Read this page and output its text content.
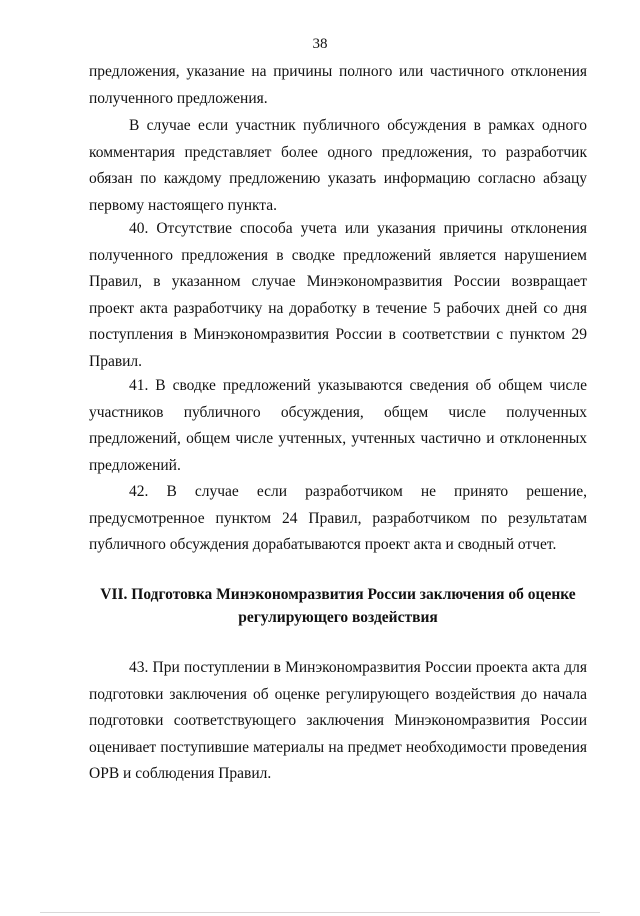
38

предложения, указание на причины полного или частичного отклонения полученного предложения.

В случае если участник публичного обсуждения в рамках одного комментария представляет более одного предложения, то разработчик обязан по каждому предложению указать информацию согласно абзацу первому настоящего пункта.

40. Отсутствие способа учета или указания причины отклонения полученного предложения в сводке предложений является нарушением Правил, в указанном случае Минэкономразвития России возвращает проект акта разработчику на доработку в течение 5 рабочих дней со дня поступления в Минэкономразвития России в соответствии с пунктом 29 Правил.

41. В сводке предложений указываются сведения об общем числе участников публичного обсуждения, общем числе полученных предложений, общем числе учтенных, учтенных частично и отклоненных предложений.

42. В случае если разработчиком не принято решение, предусмотренное пунктом 24 Правил, разработчиком по результатам публичного обсуждения дорабатываются проект акта и сводный отчет.

VII. Подготовка Минэкономразвития России заключения об оценке регулирующего воздействия

43. При поступлении в Минэкономразвития России проекта акта для подготовки заключения об оценке регулирующего воздействия до начала подготовки соответствующего заключения Минэкономразвития России оценивает поступившие материалы на предмет необходимости проведения ОРВ и соблюдения Правил.
